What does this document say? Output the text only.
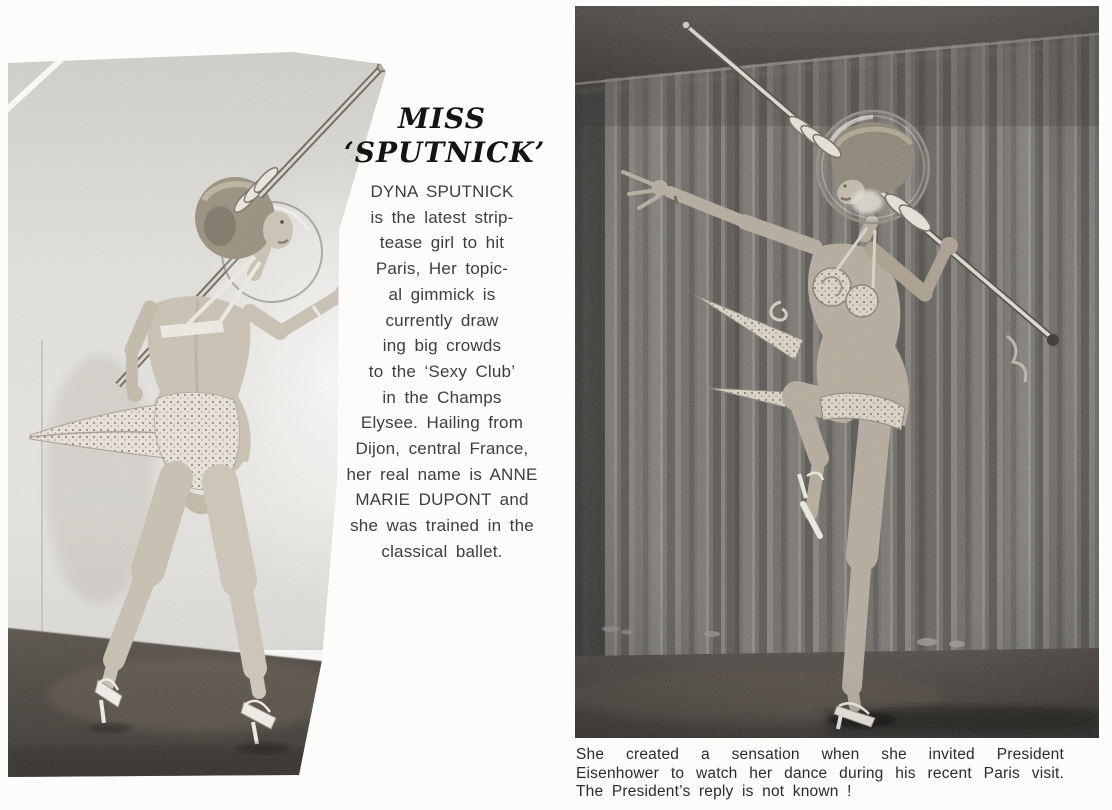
MISS
‘SPUTNICK’
DYNA SPUTNICK
is the latest strip-
tease girl to hit
Paris, Her topic-
al gimmick is
currently draw
ing big crowds
to the ‘Sexy Club’
in the Champs
Elysee. Hailing from
Dijon, central France,
her real name is ANNE
MARIE DUPONT and
she was trained in the
classical ballet.
She created a sensation when she invited President
Eisenhower to watch her dance during his recent Paris visit.
The President’s reply is not known !
